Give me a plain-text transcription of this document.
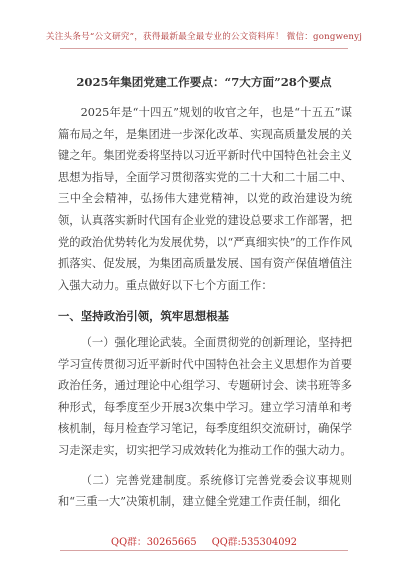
关注头条号“公文研究”，获得最新最全最专业的公文资料库！ 微信：gongwenyj
2025年集团党建工作要点：“7大方面”28个要点

2025年是“十四五”规划的收官之年，也是“十五五”谋篇布局之年，是集团进一步深化改革、实现高质量发展的关键之年。集团党委将坚持以习近平新时代中国特色社会主义思想为指导，全面学习贯彻落实党的二十大和二十届二中、三中全会精神，弘扬伟大建党精神，以党的政治建设为统领，认真落实新时代国有企业党的建设总要求工作部署，把党的政治优势转化为发展优势，以“严真细实快”的工作作风抓落实、促发展，为集团高质量发展、国有资产保值增值注入强大动力。重点做好以下七个方面工作：

一、坚持政治引领，筑牢思想根基

（一）强化理论武装。全面贯彻党的创新理论，坚持把学习宣传贯彻习近平新时代中国特色社会主义思想作为首要政治任务，通过理论中心组学习、专题研讨会、读书班等多种形式，每季度至少开展3次集中学习。建立学习清单和考核机制，每月检查学习笔记，每季度组织交流研讨，确保学习走深走实，切实把学习成效转化为推动工作的强大动力。

（二）完善党建制度。系统修订完善党委会议事规则和“三重一大”决策机制，建立健全党建工作责任制，细化

QQ群：30265665 QQ群:535304092
